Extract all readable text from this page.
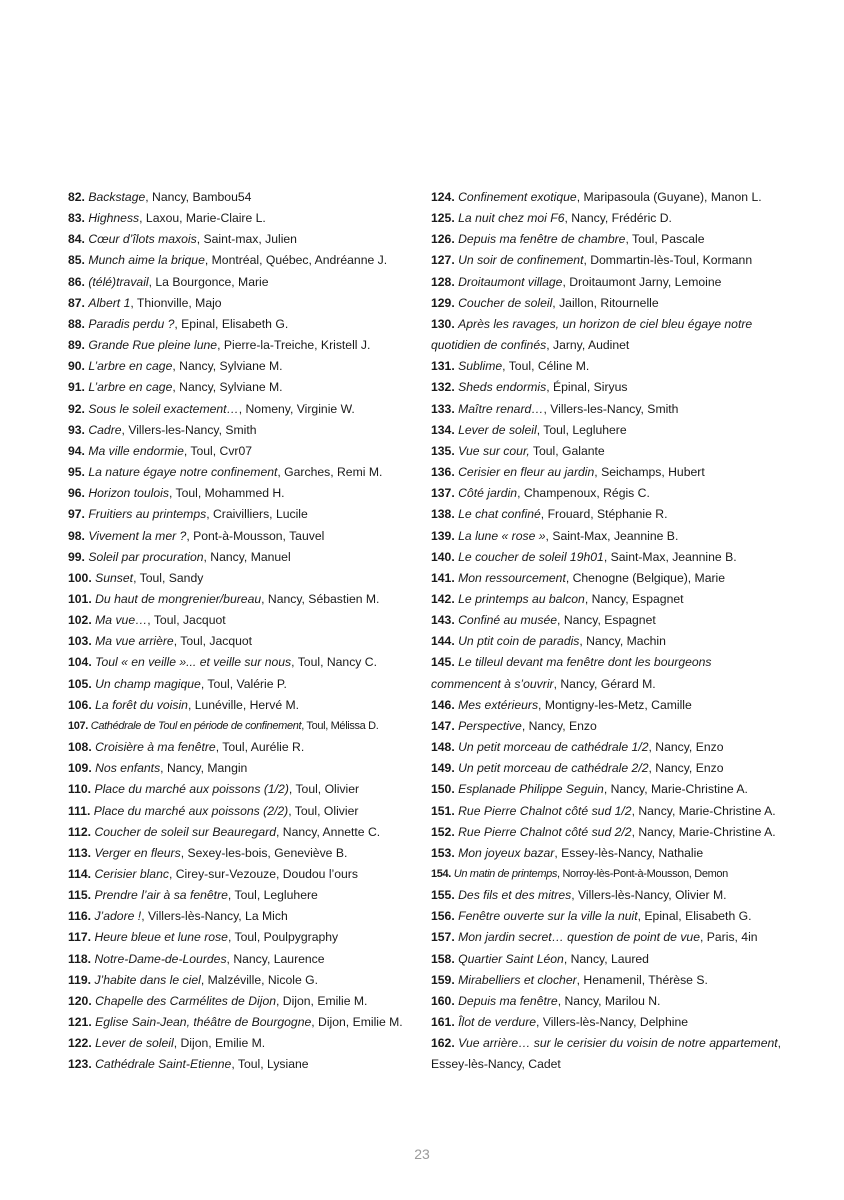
82. Backstage, Nancy, Bambou54
83. Highness, Laxou, Marie-Claire L.
84. Cœur d’îlots maxois, Saint-max, Julien
85. Munch aime la brique, Montréal, Québec, Andréanne J.
86. (télé)travail, La Bourgonce, Marie
87. Albert 1, Thionville, Majo
88. Paradis perdu ?, Epinal, Elisabeth G.
89. Grande Rue pleine lune, Pierre-la-Treiche, Kristell J.
90. L’arbre en cage, Nancy, Sylviane M.
91. L’arbre en cage, Nancy, Sylviane M.
92. Sous le soleil exactement…, Nomeny, Virginie W.
93. Cadre, Villers-les-Nancy, Smith
94. Ma ville endormie, Toul, Cvr07
95. La nature égaye notre confinement, Garches, Remi M.
96. Horizon toulois, Toul, Mohammed H.
97. Fruitiers au printemps, Craivilliers, Lucile
98. Vivement la mer ?, Pont-à-Mousson, Tauvel
99. Soleil par procuration, Nancy, Manuel
100. Sunset, Toul, Sandy
101. Du haut de mongrenier/bureau, Nancy, Sébastien M.
102. Ma vue…, Toul, Jacquot
103. Ma vue arrière, Toul, Jacquot
104. Toul « en veille »... et veille sur nous, Toul, Nancy C.
105. Un champ magique, Toul, Valérie P.
106. La forêt du voisin, Lunéville, Hervé M.
107. Cathédrale de Toul en période de confinement, Toul, Mélissa D.
108. Croisière à ma fenêtre, Toul, Aurélie R.
109. Nos enfants, Nancy, Mangin
110. Place du marché aux poissons (1/2), Toul, Olivier
111. Place du marché aux poissons (2/2), Toul, Olivier
112. Coucher de soleil sur Beauregard, Nancy, Annette C.
113. Verger en fleurs, Sexey-les-bois, Geneviève B.
114. Cerisier blanc, Cirey-sur-Vezouze, Doudou l’ours
115. Prendre l’air à sa fenêtre, Toul, Legluhere
116. J’adore !, Villers-lès-Nancy, La Mich
117. Heure bleue et lune rose, Toul, Poulpygraphy
118. Notre-Dame-de-Lourdes, Nancy, Laurence
119. J’habite dans le ciel, Malzéville, Nicole G.
120. Chapelle des Carmélites de Dijon, Dijon, Emilie M.
121. Eglise Sain-Jean, théâtre de Bourgogne, Dijon, Emilie M.
122. Lever de soleil, Dijon, Emilie M.
123. Cathédrale Saint-Etienne, Toul, Lysiane
124. Confinement exotique, Maripasoula (Guyane), Manon L.
125. La nuit chez moi F6, Nancy, Frédéric D.
126. Depuis ma fenêtre de chambre, Toul, Pascale
127. Un soir de confinement, Dommartin-lès-Toul, Kormann
128. Droitaumont village, Droitaumont Jarny, Lemoine
129. Coucher de soleil, Jaillon, Ritournelle
130. Après les ravages, un horizon de ciel bleu égaye notre quotidien de confinés, Jarny, Audinet
131. Sublime, Toul, Céline M.
132. Sheds endormis, Épinal, Siryus
133. Maître renard…, Villers-les-Nancy, Smith
134. Lever de soleil, Toul, Legluhere
135. Vue sur cour, Toul, Galante
136. Cerisier en fleur au jardin, Seichamps, Hubert
137. Côté jardin, Champenoux, Régis C.
138. Le chat confiné, Frouard, Stéphanie R.
139. La lune « rose », Saint-Max, Jeannine B.
140. Le coucher de soleil 19h01, Saint-Max, Jeannine B.
141. Mon ressourcement, Chenogne (Belgique), Marie
142. Le printemps au balcon, Nancy, Espagnet
143. Confiné au musée, Nancy, Espagnet
144. Un ptit coin de paradis, Nancy, Machin
145. Le tilleul devant ma fenêtre dont les bourgeons commencent à s’ouvrir, Nancy, Gérard M.
146. Mes extérieurs, Montigny-les-Metz, Camille
147. Perspective, Nancy, Enzo
148. Un petit morceau de cathédrale 1/2, Nancy, Enzo
149. Un petit morceau de cathédrale 2/2, Nancy, Enzo
150. Esplanade Philippe Seguin, Nancy, Marie-Christine A.
151. Rue Pierre Chalnot côté sud 1/2, Nancy, Marie-Christine A.
152. Rue Pierre Chalnot côté sud 2/2, Nancy, Marie-Christine A.
153. Mon joyeux bazar, Essey-lès-Nancy, Nathalie
154. Un matin de printemps, Norroy-lès-Pont-à-Mousson, Demon
155. Des fils et des mitres, Villers-lès-Nancy, Olivier M.
156. Fenêtre ouverte sur la ville la nuit, Epinal, Elisabeth G.
157. Mon jardin secret… question de point de vue, Paris, 4in
158. Quartier Saint Léon, Nancy, Laured
159. Mirabelliers et clocher, Henamenil, Thérèse S.
160. Depuis ma fenêtre, Nancy, Marilou N.
161. Îlot de verdure, Villers-lès-Nancy, Delphine
162. Vue arrière… sur le cerisier du voisin de notre appartement, Essey-lès-Nancy, Cadet
23
